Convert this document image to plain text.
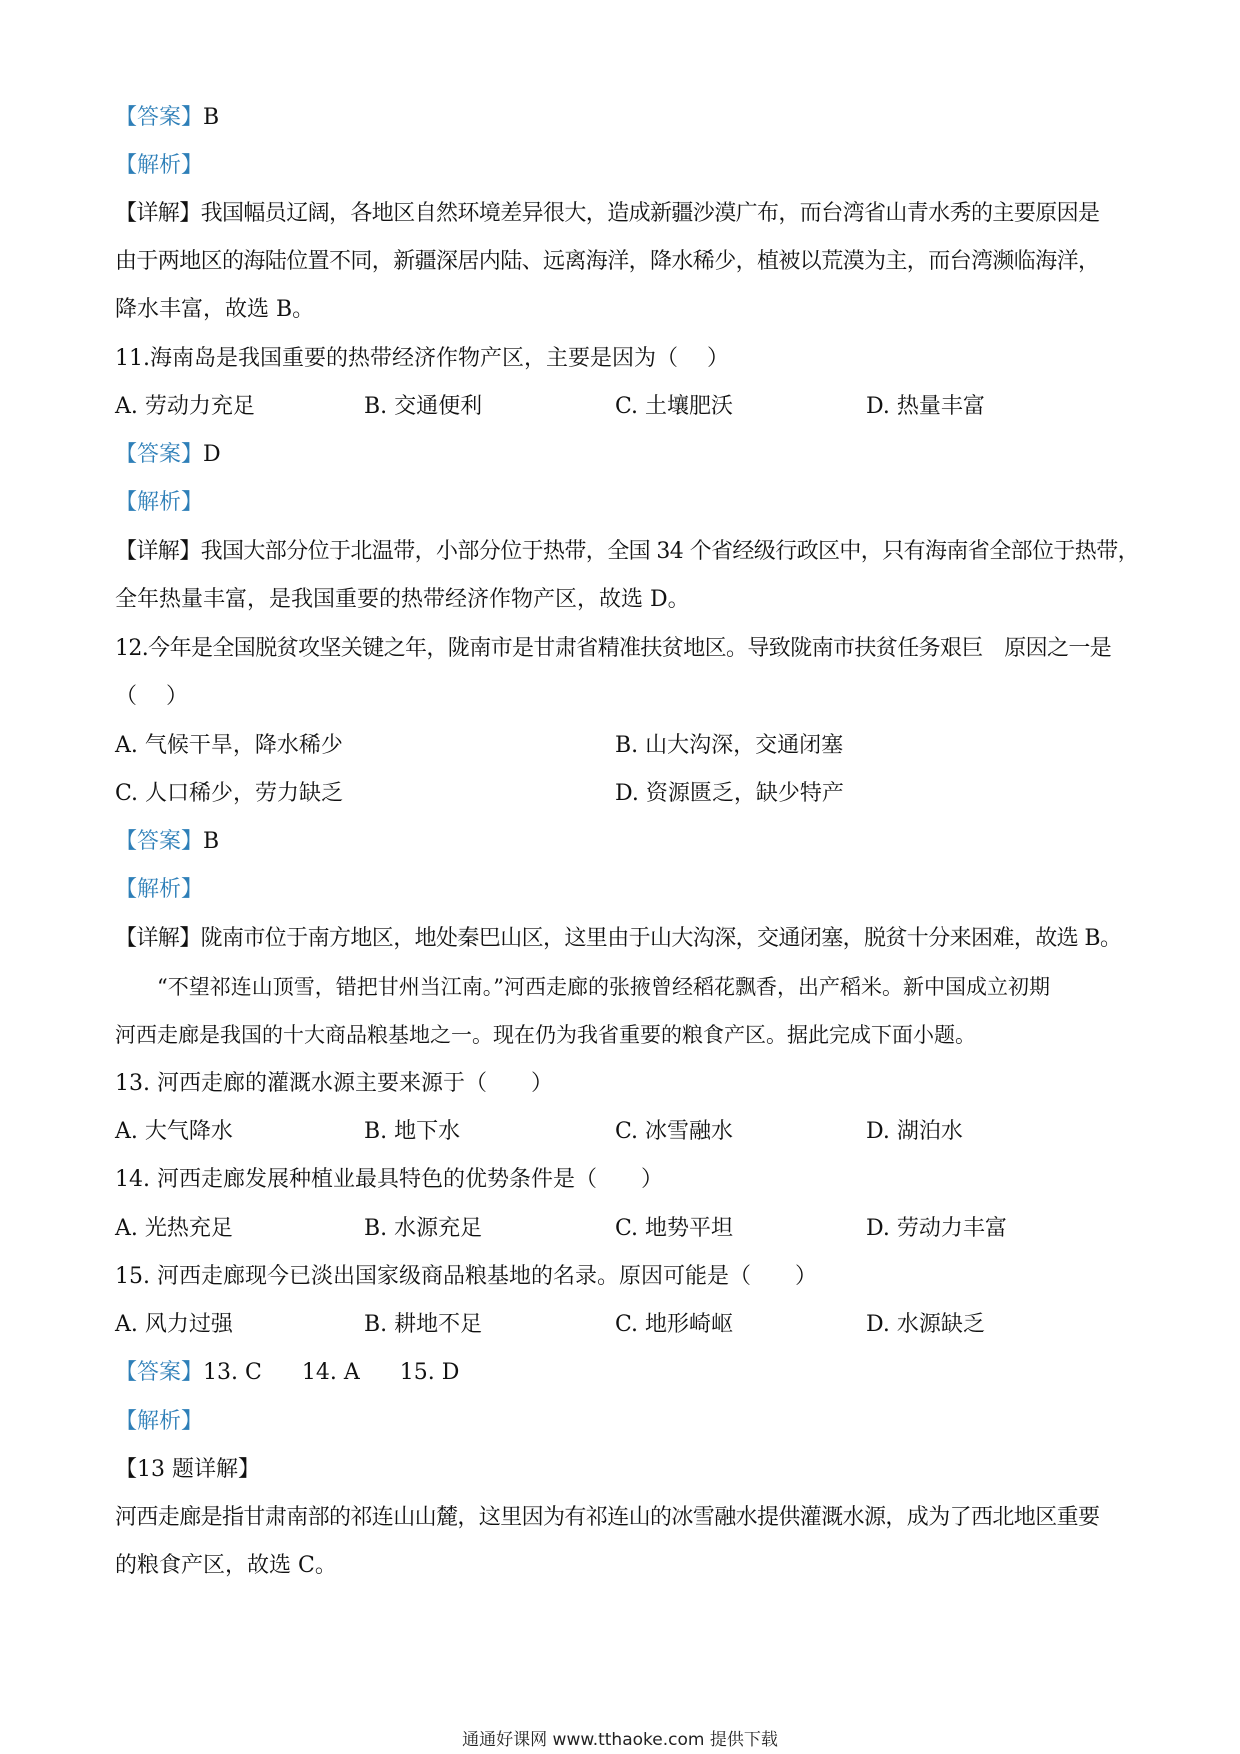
【答案】B
【解析】
【详解】我国幅员辽阔，各地区自然环境差异很大，造成新疆沙漠广布，而台湾省山青水秀的主要原因是
由于两地区的海陆位置不同，新疆深居内陆、远离海洋，降水稀少，植被以荒漠为主，而台湾濒临海洋，
降水丰富，故选 B。
11.海南岛是我国重要的热带经济作物产区，主要是因为（　 ）
A. 劳动力充足	B. 交通便利	C. 土壤肥沃	D. 热量丰富
【答案】D
【解析】
【详解】我国大部分位于北温带，小部分位于热带，全国 34 个省经级行政区中，只有海南省全部位于热带，
全年热量丰富，是我国重要的热带经济作物产区，故选 D。
12.今年是全国脱贫攻坚关键之年，陇南市是甘肃省精准扶贫地区。导致陇南市扶贫任务艰巨　原因之一是
（　 ）
A. 气候干旱，降水稀少	B. 山大沟深，交通闭塞
C. 人口稀少，劳力缺乏	D. 资源匮乏，缺少特产
【答案】B
【解析】
【详解】陇南市位于南方地区，地处秦巴山区，这里由于山大沟深，交通闭塞，脱贫十分来困难，故选 B。
　　“不望祁连山顶雪，错把甘州当江南。”河西走廊的张掖曾经稻花飘香，出产稻米。新中国成立初期
河西走廊是我国的十大商品粮基地之一。现在仍为我省重要的粮食产区。据此完成下面小题。
13. 河西走廊的灌溉水源主要来源于（　　）
A. 大气降水	B. 地下水	C. 冰雪融水	D. 湖泊水
14. 河西走廊发展种植业最具特色的优势条件是（　　）
A. 光热充足	B. 水源充足	C. 地势平坦	D. 劳动力丰富
15. 河西走廊现今已淡出国家级商品粮基地的名录。原因可能是（　　）
A. 风力过强	B. 耕地不足	C. 地形崎岖	D. 水源缺乏
【答案】13. C 14. A 15. D
【解析】
【13 题详解】
河西走廊是指甘肃南部的祁连山山麓，这里因为有祁连山的冰雪融水提供灌溉水源，成为了西北地区重要
的粮食产区，故选 C。
通通好课网 www.tthaoke.com 提供下载
